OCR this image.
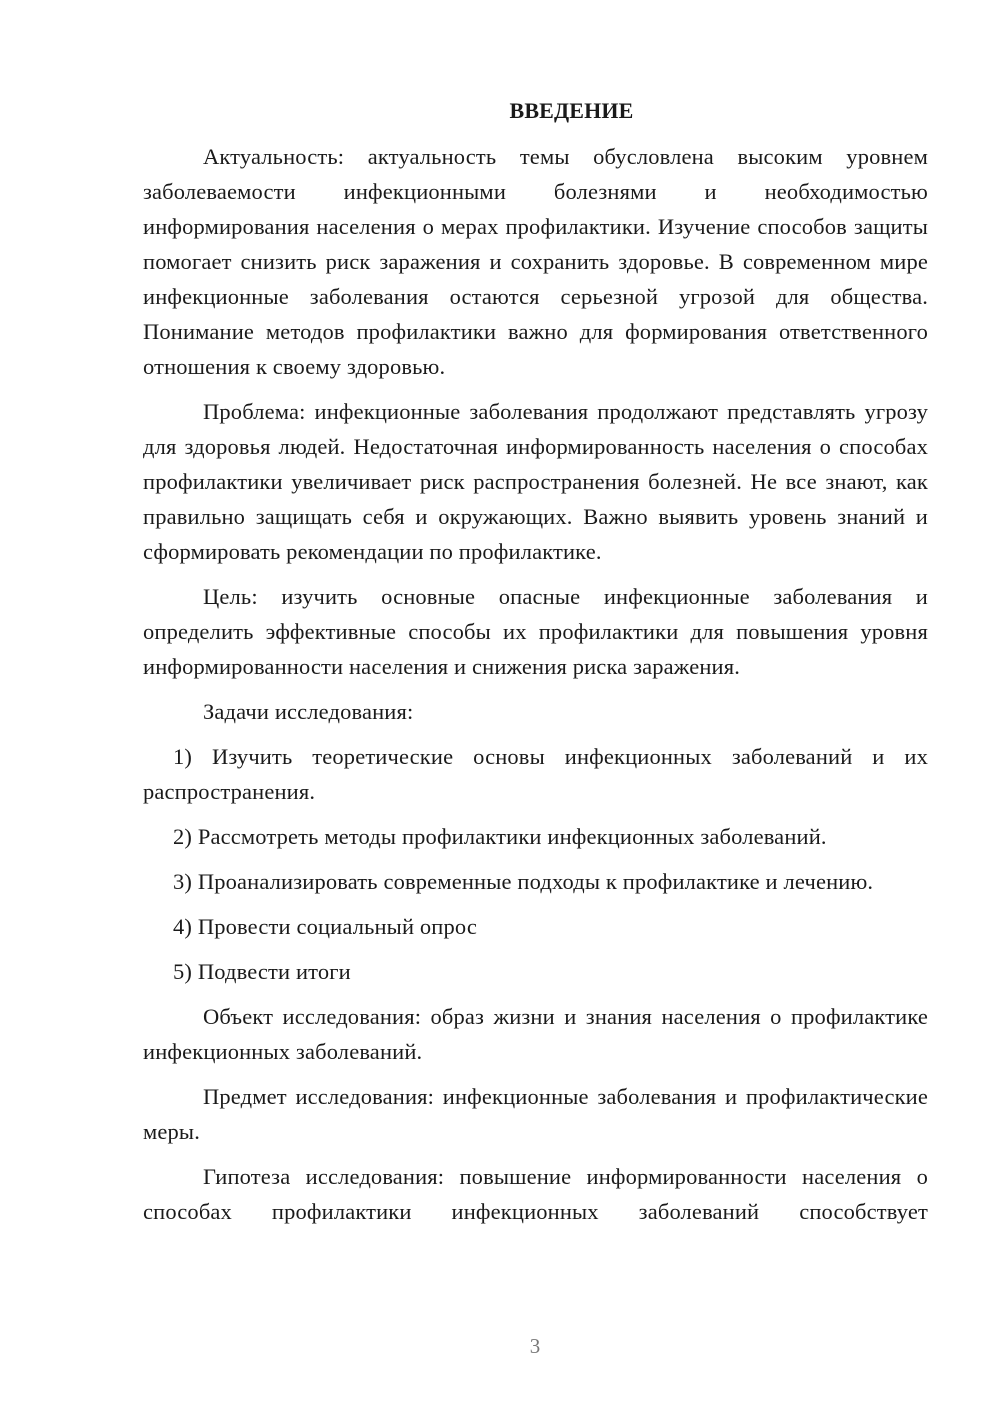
ВВЕДЕНИЕ

Актуальность: актуальность темы обусловлена высоким уровнем заболеваемости инфекционными болезнями и необходимостью информирования населения о мерах профилактики. Изучение способов защиты помогает снизить риск заражения и сохранить здоровье. В современном мире инфекционные заболевания остаются серьезной угрозой для общества. Понимание методов профилактики важно для формирования ответственного отношения к своему здоровью.

Проблема: инфекционные заболевания продолжают представлять угрозу для здоровья людей. Недостаточная информированность населения о способах профилактики увеличивает риск распространения болезней. Не все знают, как правильно защищать себя и окружающих. Важно выявить уровень знаний и сформировать рекомендации по профилактике.

Цель: изучить основные опасные инфекционные заболевания и определить эффективные способы их профилактики для повышения уровня информированности населения и снижения риска заражения.

Задачи исследования:

1) Изучить теоретические основы инфекционных заболеваний и их распространения.

2) Рассмотреть методы профилактики инфекционных заболеваний.

3) Проанализировать современные подходы к профилактике и лечению.

4) Провести социальный опрос

5) Подвести итоги

Объект исследования: образ жизни и знания населения о профилактике инфекционных заболеваний.

Предмет исследования: инфекционные заболевания и профилактические меры.

Гипотеза исследования: повышение информированности населения о способах профилактики инфекционных заболеваний способствует

3
